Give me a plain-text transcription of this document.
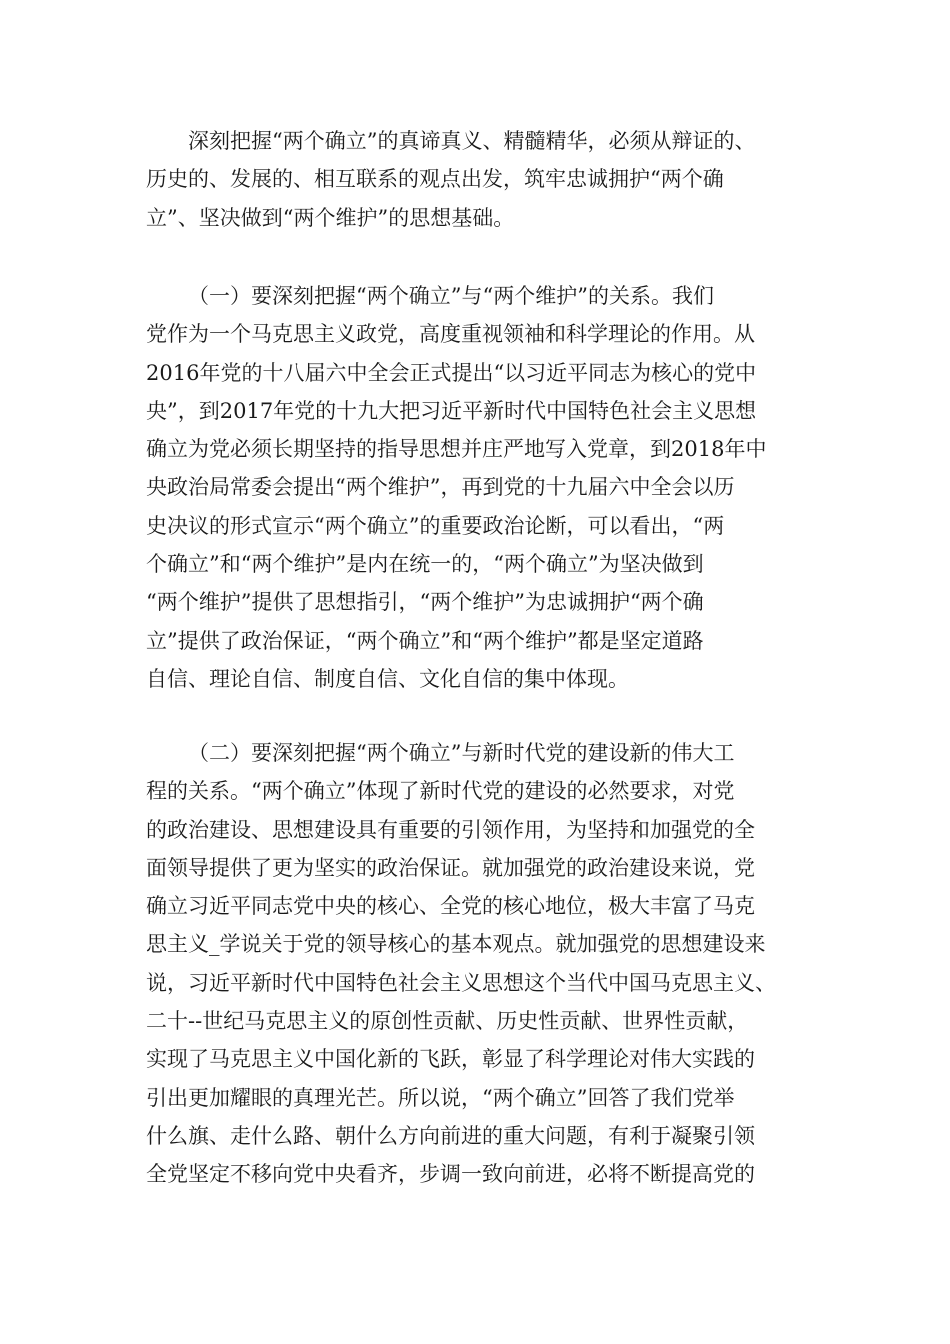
深刻把握“两个确立”的真谛真义、精髓精华，必须从辩证的、
历史的、发展的、相互联系的观点出发，筑牢忠诚拥护“两个确
立”、坚决做到“两个维护”的思想基础。
（一）要深刻把握“两个确立”与“两个维护”的关系。我们
党作为一个马克思主义政党，高度重视领袖和科学理论的作用。从
2016年党的十八届六中全会正式提出“以习近平同志为核心的党中
央”，到2017年党的十九大把习近平新时代中国特色社会主义思想
确立为党必须长期坚持的指导思想并庄严地写入党章，到2018年中
央政治局常委会提出“两个维护”，再到党的十九届六中全会以历
史决议的形式宣示“两个确立”的重要政治论断，可以看出，“两
个确立”和“两个维护”是内在统一的，“两个确立”为坚决做到
“两个维护”提供了思想指引，“两个维护”为忠诚拥护“两个确
立”提供了政治保证，“两个确立”和“两个维护”都是坚定道路
自信、理论自信、制度自信、文化自信的集中体现。
（二）要深刻把握“两个确立”与新时代党的建设新的伟大工
程的关系。“两个确立”体现了新时代党的建设的必然要求，对党
的政治建设、思想建设具有重要的引领作用，为坚持和加强党的全
面领导提供了更为坚实的政治保证。就加强党的政治建设来说，党
确立习近平同志党中央的核心、全党的核心地位，极大丰富了马克
思主义_学说关于党的领导核心的基本观点。就加强党的思想建设来
说，习近平新时代中国特色社会主义思想这个当代中国马克思主义、
二十--世纪马克思主义的原创性贡献、历史性贡献、世界性贡献，
实现了马克思主义中国化新的飞跃，彰显了科学理论对伟大实践的
引出更加耀眼的真理光芒。所以说，“两个确立”回答了我们党举
什么旗、走什么路、朝什么方向前进的重大问题，有利于凝聚引领
全党坚定不移向党中央看齐，步调一致向前进，必将不断提高党的
